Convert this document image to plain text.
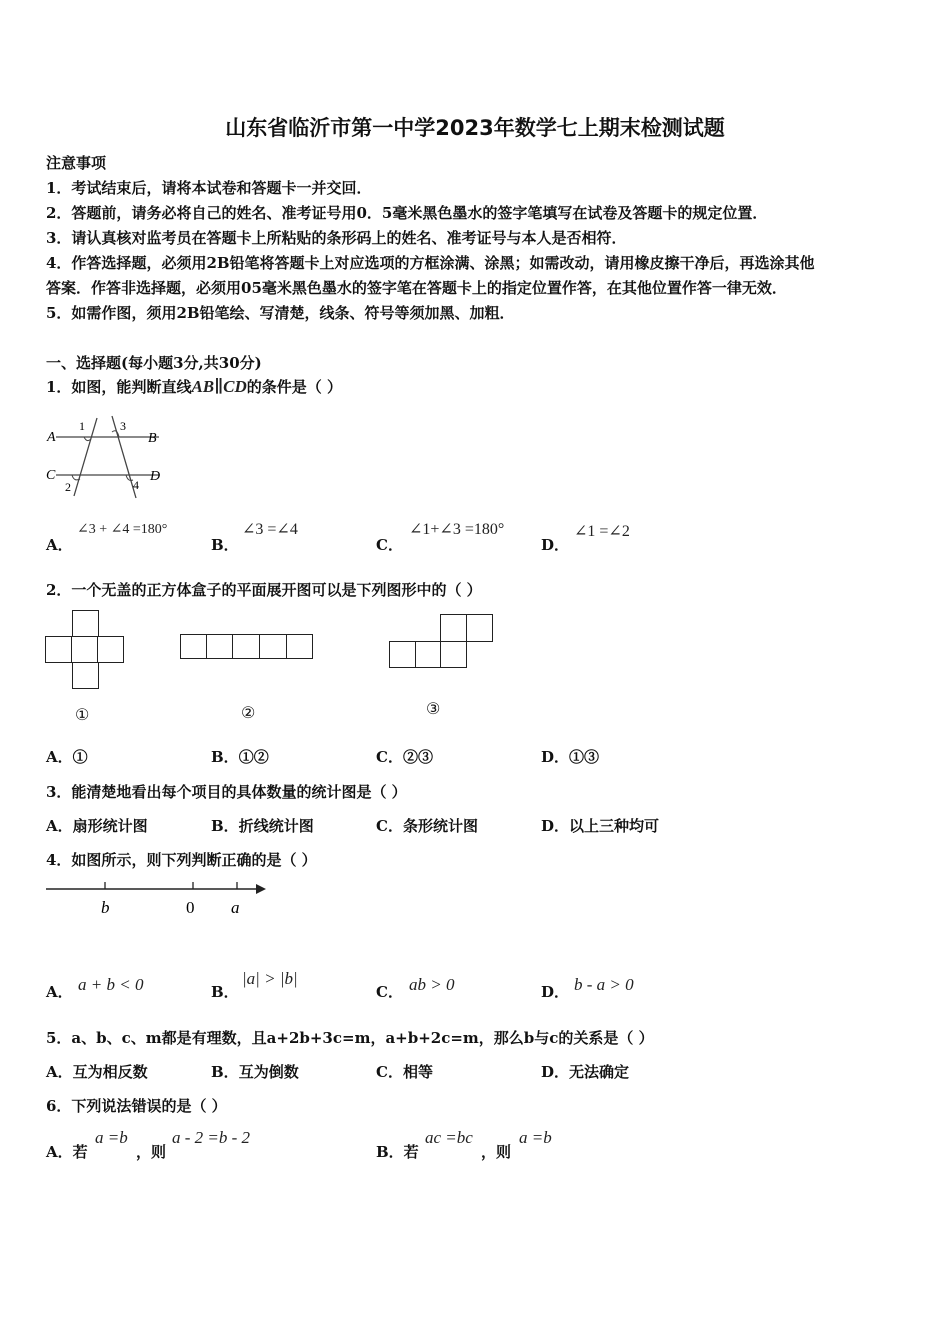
山东省临沂市第一中学2023年数学七上期末检测试题
注意事项
1．考试结束后，请将本试卷和答题卡一并交回．
2．答题前，请务必将自己的姓名、准考证号用0．5毫米黑色墨水的签字笔填写在试卷及答题卡的规定位置．
3．请认真核对监考员在答题卡上所粘贴的条形码上的姓名、准考证号与本人是否相符．
4．作答选择题，必须用2B铅笔将答题卡上对应选项的方框涂满、涂黑；如需改动，请用橡皮擦干净后，再选涂其他
答案．作答非选择题，必须用05毫米黑色墨水的签字笔在答题卡上的指定位置作答，在其他位置作答一律无效．
5．如需作图，须用2B铅笔绘、写清楚，线条、符号等须加黑、加粗．
一、选择题(每小题3分,共30分)
1．如图，能判断直线AB∥CD的条件是（ ）
A	B
C	D
1	3
2	4
A．
∠3 + ∠4 =180°
B．
∠3 =∠4
C．
∠1+∠3 =180°
D．
∠1 =∠2
2．一个无盖的正方体盒子的平面展开图可以是下列图形中的（ ）
①	②	③
A．①	B．①②	C．②③	D．①③
3．能清楚地看出每个项目的具体数量的统计图是（ ）
A．扇形统计图	B．折线统计图	C．条形统计图	D．以上三种均可
4．如图所示，则下列判断正确的是（ ）
b	0 a
A． a + b < 0	B．
|a| > |b|
C． ab > 0	D． b - a > 0
5．a、b、c、m都是有理数，且a+2b+3c=m，a+b+2c=m，那么b与c的关系是（ ）
A．互为相反数	B．互为倒数	C．相等	D．无法确定
6．下列说法错误的是（ ）
A．若
a =b
，则
a - 2 =b - 2
B．若
ac =bc
，则
a =b
